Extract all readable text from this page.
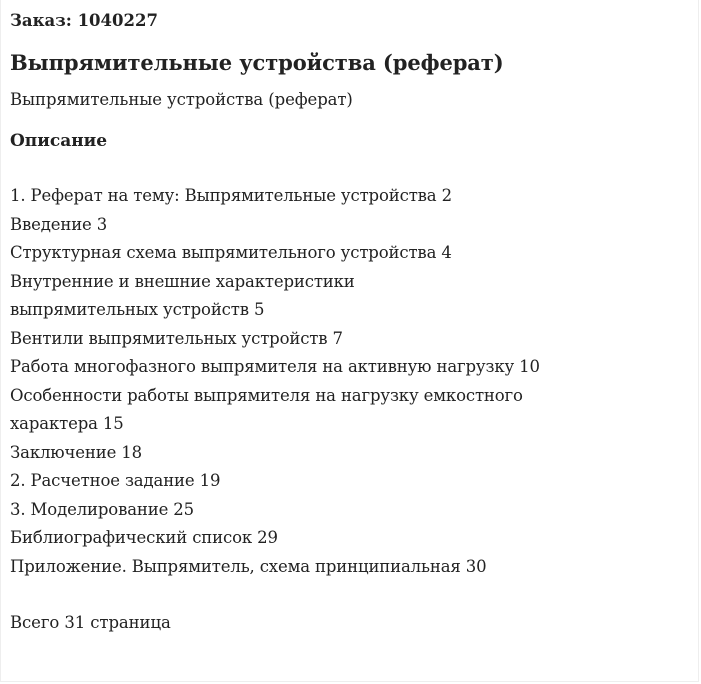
Заказ: 1040227
Выпрямительные устройства (реферат)
Выпрямительные устройства (реферат)
Описание
1. Реферат на тему: Выпрямительные устройства 2
Введение 3
Структурная схема выпрямительного устройства 4
Внутренние и внешние характеристики
выпрямительных устройств 5
Вентили выпрямительных устройств 7
Работа многофазного выпрямителя на активную нагрузку 10
Особенности работы выпрямителя на нагрузку емкостного
характера 15
Заключение 18
2. Расчетное задание 19
3. Моделирование 25
Библиографический список 29
Приложение. Выпрямитель, схема принципиальная 30
Всего 31 страница
